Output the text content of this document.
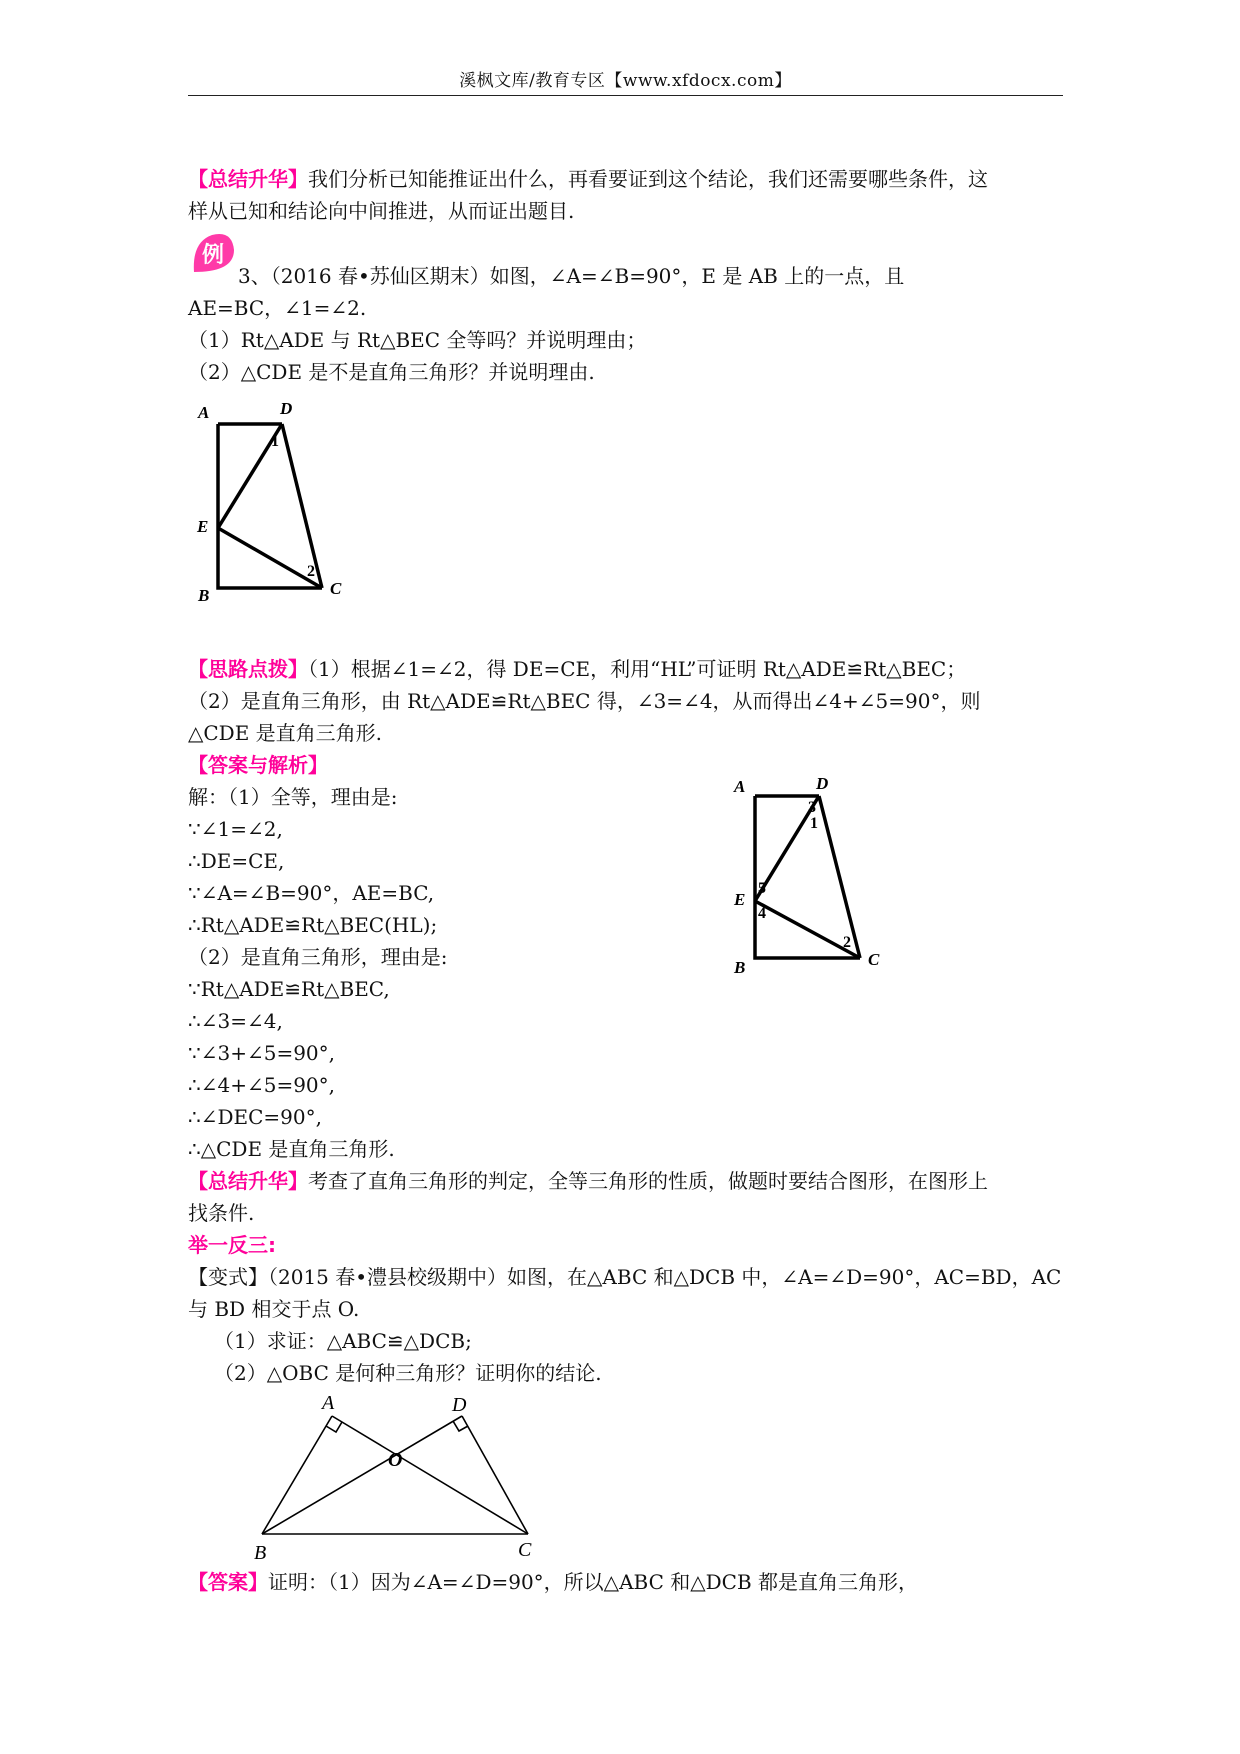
溪枫文库/教育专区【www.xfdocx.com】
【总结升华】我们分析已知能推证出什么，再看要证到这个结论，我们还需要哪些条件，这
样从已知和结论向中间推进，从而证出题目.
例
3、（2016 春•苏仙区期末）如图，∠A=∠B=90°，E 是 AB 上的一点，且
AE=BC，∠1=∠2.
（1）Rt△ADE 与 Rt△BEC 全等吗？并说明理由；
（2）△CDE 是不是直角三角形？并说明理由.
A	D
E
B	C
1
2
【思路点拨】（1）根据∠1=∠2，得 DE=CE，利用“HL”可证明 Rt△ADE≌Rt△BEC；
（2）是直角三角形，由 Rt△ADE≌Rt△BEC 得，∠3=∠4，从而得出∠4+∠5=90°，则
△CDE 是直角三角形.
【答案与解析】
解：（1）全等，理由是:
∵∠1=∠2,
∴DE=CE,
∵∠A=∠B=90°，AE=BC,
∴Rt△ADE≌Rt△BEC(HL);
（2）是直角三角形，理由是:
∵Rt△ADE≌Rt△BEC,
∴∠3=∠4,
∵∠3+∠5=90°,
∴∠4+∠5=90°,
∴∠DEC=90°,
∴△CDE 是直角三角形.
A	D
E
B	C
3
1
5
4
2
【总结升华】考查了直角三角形的判定，全等三角形的性质，做题时要结合图形，在图形上
找条件.
举一反三:
【变式】（2015 春•澧县校级期中）如图，在△ABC 和△DCB 中，∠A=∠D=90°，AC=BD，AC
与 BD 相交于点 O.
（1）求证：△ABC≌△DCB;
（2）△OBC 是何种三角形？证明你的结论.
A	D
O
B	C
【答案】证明：（1）因为∠A=∠D=90°，所以△ABC 和△DCB 都是直角三角形，
